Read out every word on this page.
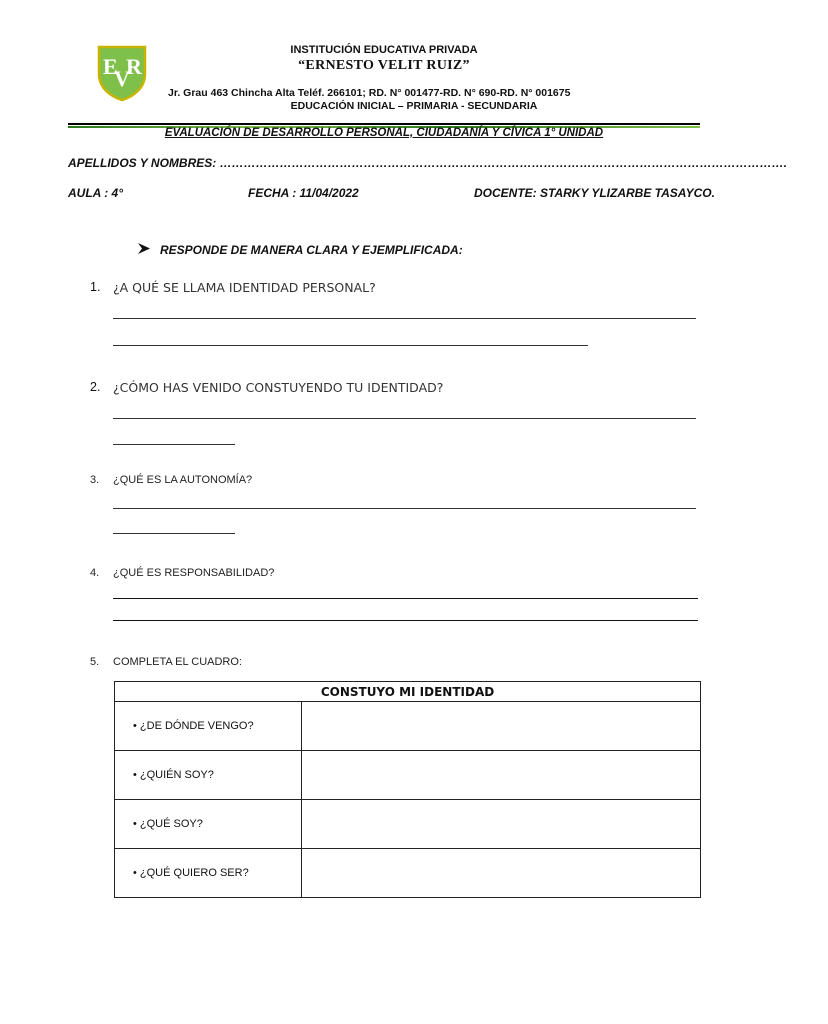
E
V
R
INSTITUCIÓN EDUCATIVA PRIVADA
“ERNESTO VELIT RUIZ”
Jr. Grau 463 Chincha Alta Teléf. 266101; RD. N° 001477-RD. N° 690-RD. N° 001675
EDUCACIÓN INICIAL – PRIMARIA - SECUNDARIA
EVALUACIÓN DE DESARROLLO PERSONAL, CIUDADANÍA Y CÍVICA 1° UNIDAD
APELLIDOS Y NOMBRES: …………………………………………………………………………………………………………………………….
AULA : 4°	FECHA : 11/04/2022	DOCENTE: STARKY YLIZARBE TASAYCO.
RESPONDE DE MANERA CLARA Y EJEMPLIFICADA:
1. ¿A QUÉ SE LLAMA IDENTIDAD PERSONAL?
2. ¿CÓMO HAS VENIDO CONSTUYENDO TU IDENTIDAD?
3. ¿QUÉ ES LA AUTONOMÍA?
4. ¿QUÉ ES RESPONSABILIDAD?
5. COMPLETA EL CUADRO:
CONSTUYO MI IDENTIDAD	
• ¿DE DÓNDE VENGO?	
• ¿QUIÉN SOY?	
• ¿QUÉ SOY?	
• ¿QUÉ QUIERO SER?	
